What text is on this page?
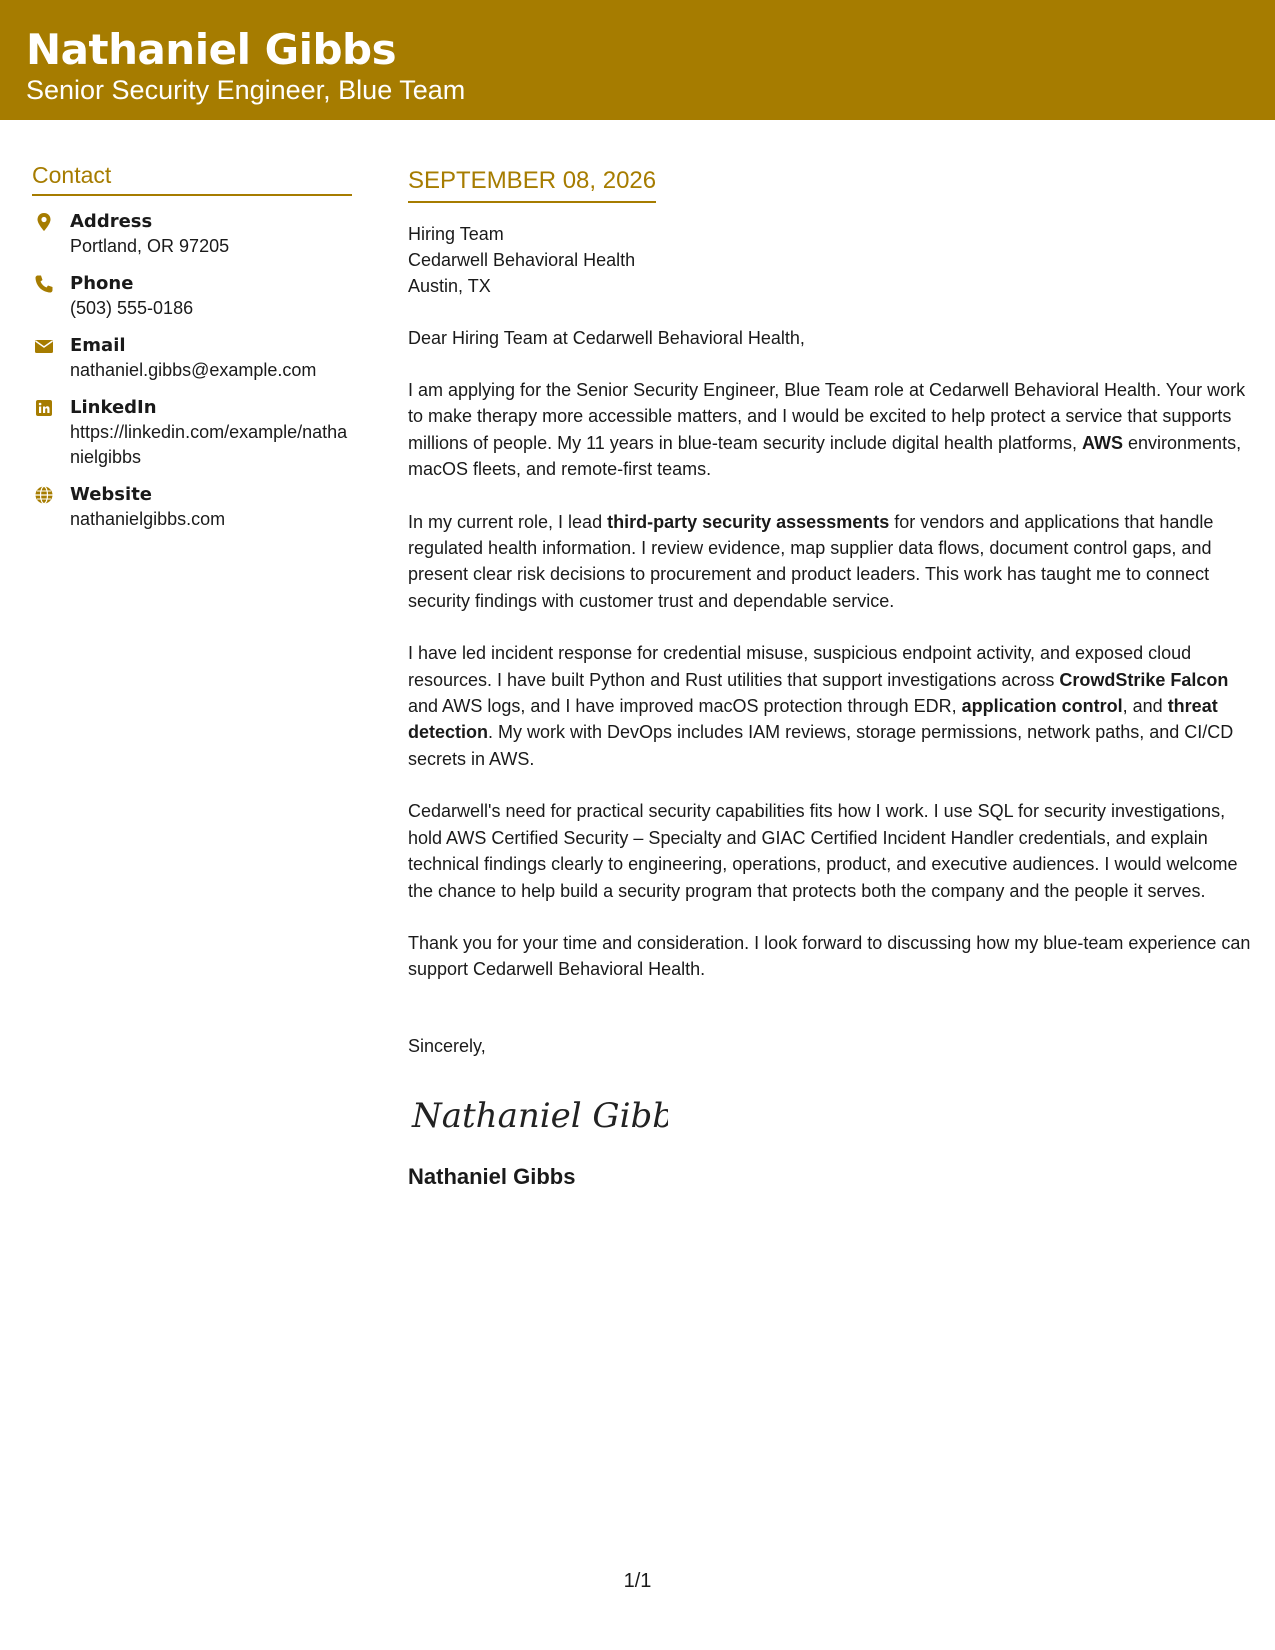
Nathaniel Gibbs
Senior Security Engineer, Blue Team
Contact
Address
Portland, OR 97205
Phone
(503) 555-0186
Email
nathaniel.gibbs@example.com
LinkedIn
https://linkedin.com/example/nathanielgibbs
Website
nathanielgibbs.com
SEPTEMBER 08, 2026
Hiring Team
Cedarwell Behavioral Health
Austin, TX
Dear Hiring Team at Cedarwell Behavioral Health,
I am applying for the Senior Security Engineer, Blue Team role at Cedarwell Behavioral Health. Your work to make therapy more accessible matters, and I would be excited to help protect a service that supports millions of people. My 11 years in blue-team security include digital health platforms, AWS environments, macOS fleets, and remote-first teams.
In my current role, I lead third-party security assessments for vendors and applications that handle regulated health information. I review evidence, map supplier data flows, document control gaps, and present clear risk decisions to procurement and product leaders. This work has taught me to connect security findings with customer trust and dependable service.
I have led incident response for credential misuse, suspicious endpoint activity, and exposed cloud resources. I have built Python and Rust utilities that support investigations across CrowdStrike Falcon and AWS logs, and I have improved macOS protection through EDR, application control, and threat detection. My work with DevOps includes IAM reviews, storage permissions, network paths, and CI/CD secrets in AWS.
Cedarwell's need for practical security capabilities fits how I work. I use SQL for security investigations, hold AWS Certified Security – Specialty and GIAC Certified Incident Handler credentials, and explain technical findings clearly to engineering, operations, product, and executive audiences. I would welcome the chance to help build a security program that protects both the company and the people it serves.
Thank you for your time and consideration. I look forward to discussing how my blue-team experience can support Cedarwell Behavioral Health.
Sincerely,
Nathaniel Gibbs
Nathaniel Gibbs
1/1
